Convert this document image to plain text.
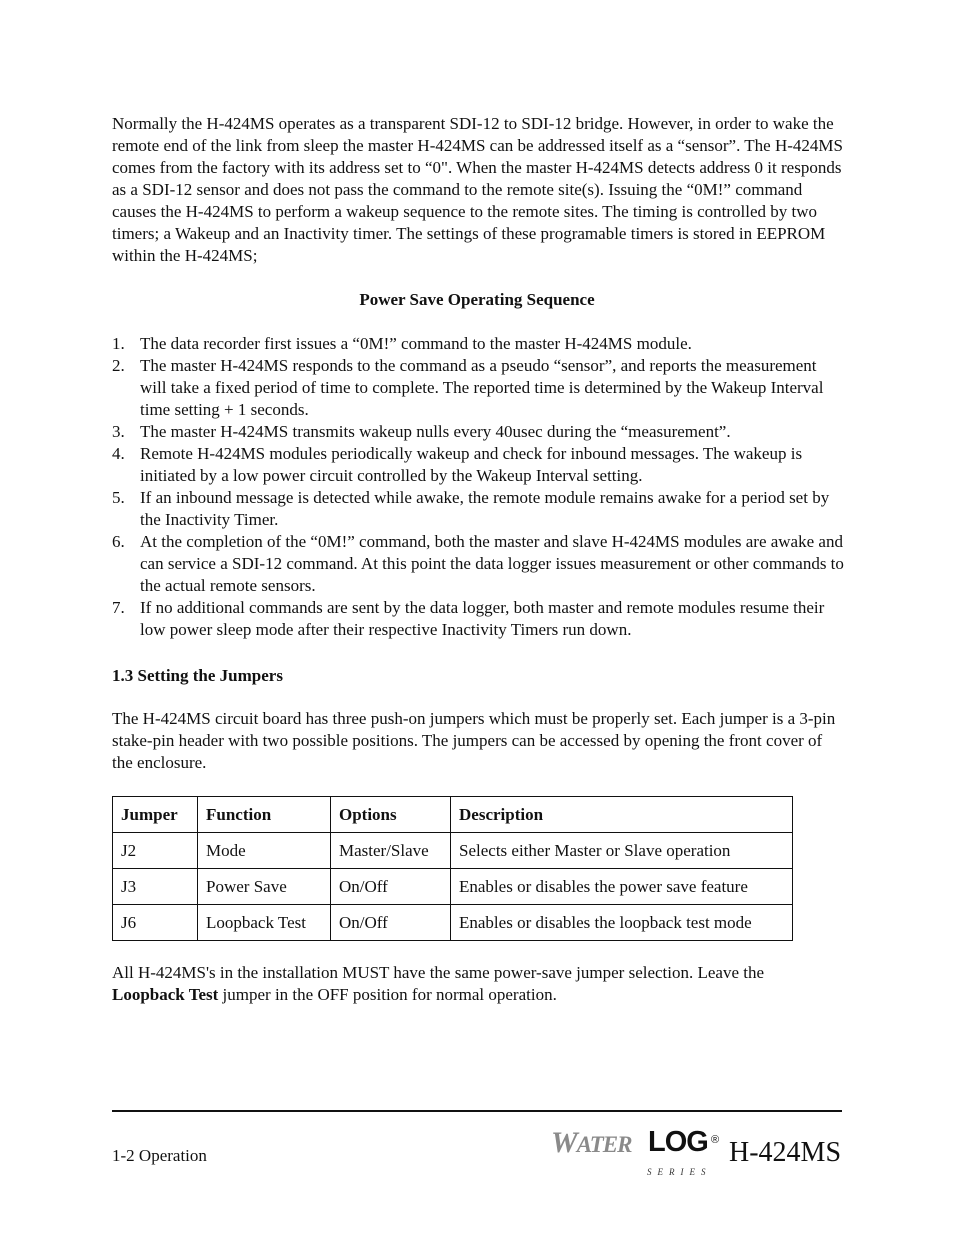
Normally the H-424MS operates as a transparent SDI-12 to SDI-12 bridge. However, in order to wake the remote end of the link from sleep the master H-424MS can be addressed itself as a “sensor”. The H-424MS comes from the factory with its address set to “0". When the master H-424MS detects address 0 it responds as a SDI-12 sensor and does not pass the command to the remote site(s). Issuing the “0M!” command causes the H-424MS to perform a wakeup sequence to the remote sites. The timing is controlled by two timers; a Wakeup and an Inactivity timer. The settings of these programable timers is stored in EEPROM within the H-424MS;

Power Save Operating Sequence

1. The data recorder first issues a “0M!” command to the master H-424MS module.
2. The master H-424MS responds to the command as a pseudo “sensor”, and reports the measurement will take a fixed period of time to complete. The reported time is determined by the Wakeup Interval time setting + 1 seconds.
3. The master H-424MS transmits wakeup nulls every 40usec during the “measurement”.
4. Remote H-424MS modules periodically wakeup and check for inbound messages. The wakeup is initiated by a low power circuit controlled by the Wakeup Interval setting.
5. If an inbound message is detected while awake, the remote module remains awake for a period set by the Inactivity Timer.
6. At the completion of the “0M!” command, both the master and slave H-424MS modules are awake and can service a SDI-12 command. At this point the data logger issues measurement or other commands to the actual remote sensors.
7. If no additional commands are sent by the data logger, both master and remote modules resume their low power sleep mode after their respective Inactivity Timers run down.

1.3 Setting the Jumpers

The H-424MS circuit board has three push-on jumpers which must be properly set. Each jumper is a 3-pin stake-pin header with two possible positions. The jumpers can be accessed by opening the front cover of the enclosure.

Jumper	Function	Options	Description
J2	Mode	Master/Slave	Selects either Master or Slave operation
J3	Power Save	On/Off	Enables or disables the power save feature
J6	Loopback Test	On/Off	Enables or disables the loopback test mode

All H-424MS's in the installation MUST have the same power-save jumper selection. Leave the
Loopback Test jumper in the OFF position for normal operation.

1-2 Operation	WATER LOG ®
SERIES

H-424MS
